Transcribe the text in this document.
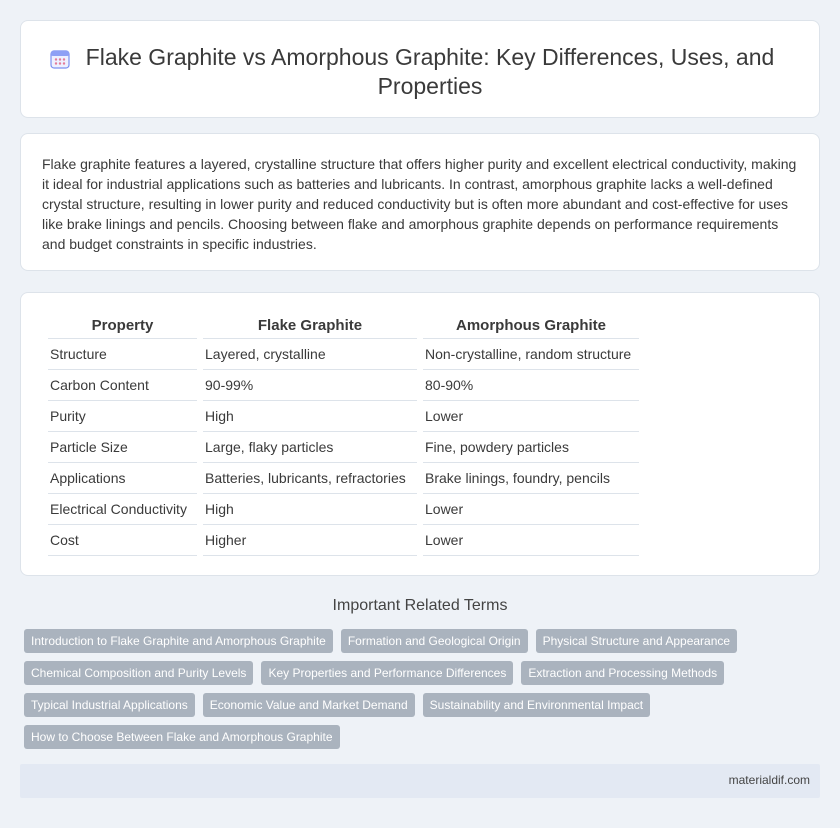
Flake Graphite vs Amorphous Graphite: Key Differences, Uses, and Properties

Flake graphite features a layered, crystalline structure that offers higher purity and excellent electrical conductivity, making it ideal for industrial applications such as batteries and lubricants. In contrast, amorphous graphite lacks a well-defined crystal structure, resulting in lower purity and reduced conductivity but is often more abundant and cost-effective for uses like brake linings and pencils. Choosing between flake and amorphous graphite depends on performance requirements and budget constraints in specific industries.

Property	Flake Graphite	Amorphous Graphite
Structure	Layered, crystalline	Non-crystalline, random structure
Carbon Content	90-99%	80-90%
Purity	High	Lower
Particle Size	Large, flaky particles	Fine, powdery particles
Applications	Batteries, lubricants, refractories	Brake linings, foundry, pencils
Electrical Conductivity	High	Lower
Cost	Higher	Lower
Important Related Terms
Introduction to Flake Graphite and Amorphous Graphite	Formation and Geological Origin	Physical Structure and Appearance
Chemical Composition and Purity Levels	Key Properties and Performance Differences	Extraction and Processing Methods
Typical Industrial Applications	Economic Value and Market Demand	Sustainability and Environmental Impact
How to Choose Between Flake and Amorphous Graphite
materialdif.com
